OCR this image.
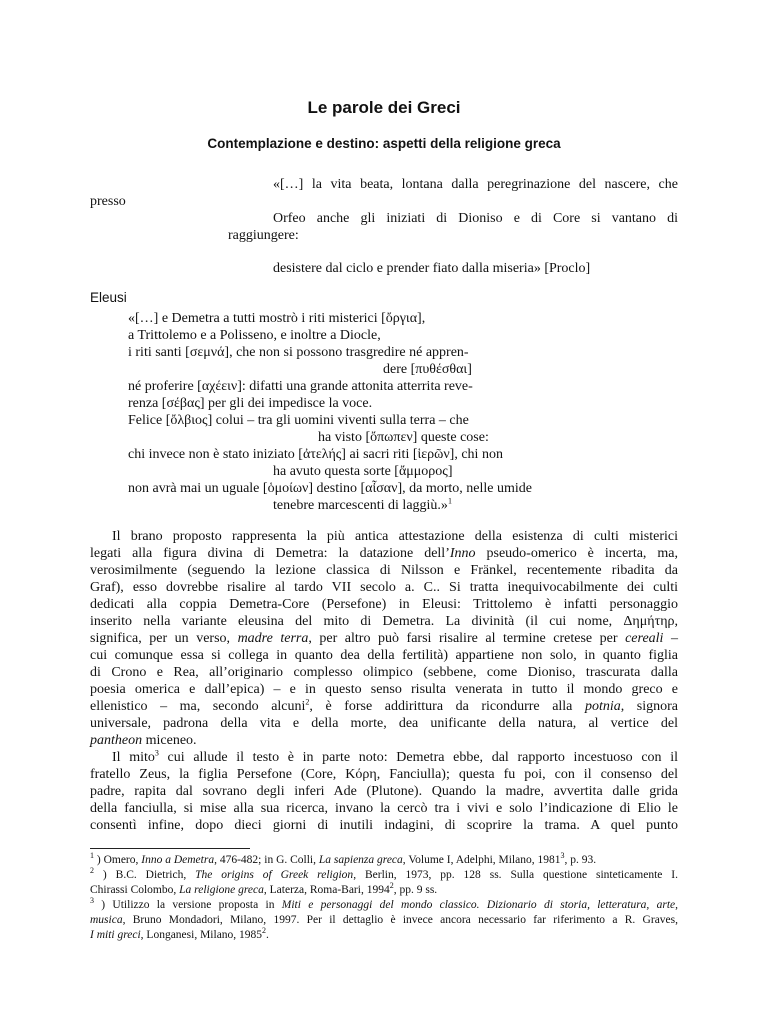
Le parole dei Greci
Contemplazione e destino: aspetti della religione greca
«[…] la vita beata, lontana dalla peregrinazione del nascere, che
presso
Orfeo anche gli iniziati di Dioniso e di Core si vantano di
raggiungere:
desistere dal ciclo e prender fiato dalla miseria» [Proclo]
Eleusi
«[…] e Demetra a tutti mostrò i riti misterici [ὄργια],
a Trittolemo e a Polisseno, e inoltre a Diocle,
i riti santi [σεμνά], che non si possono trasgredire né appren-
dere [πυθέσθαι]
né proferire [αχέειν]: difatti una grande attonita atterrita reve-
renza [σέβας] per gli dei impedisce la voce.
Felice [ὄλβιος] colui – tra gli uomini viventi sulla terra – che
ha visto [ὄπωπεν] queste cose:
chi invece non è stato iniziato [ἀτελής] ai sacri riti [ἱερῶν], chi non
ha avuto questa sorte [ἄμμορος]
non avrà mai un uguale [ὁμοίων] destino [αἶσαν], da morto, nelle umide
tenebre marcescenti di laggiù.»$^1$
Il brano proposto rappresenta la più antica attestazione della esistenza di culti misterici
legati alla figura divina di Demetra: la datazione dell’Inno pseudo-omerico è incerta, ma,
verosimilmente (seguendo la lezione classica di Nilsson e Fränkel, recentemente ribadita da
Graf), esso dovrebbe risalire al tardo VII secolo a. C.. Si tratta inequivocabilmente dei culti
dedicati alla coppia Demetra-Core (Persefone) in Eleusi: Trittolemo è infatti personaggio
inserito nella variante eleusina del mito di Demetra. La divinità (il cui nome, Δημήτηρ,
significa, per un verso, madre terra, per altro può farsi risalire al termine cretese per cereali –
cui comunque essa si collega in quanto dea della fertilità) appartiene non solo, in quanto figlia
di Crono e Rea, all’originario complesso olimpico (sebbene, come Dioniso, trascurata dalla
poesia omerica e dall’epica) – e in questo senso risulta venerata in tutto il mondo greco e
ellenistico – ma, secondo alcuni$^2$, è forse addirittura da ricondurre alla potnia, signora
universale, padrona della vita e della morte, dea unificante della natura, al vertice del
pantheon miceneo.
Il mito$^3$ cui allude il testo è in parte noto: Demetra ebbe, dal rapporto incestuoso con il
fratello Zeus, la figlia Persefone (Core, Κόρη, Fanciulla); questa fu poi, con il consenso del
padre, rapita dal sovrano degli inferi Ade (Plutone). Quando la madre, avvertita dalle grida
della fanciulla, si mise alla sua ricerca, invano la cercò tra i vivi e solo l’indicazione di Elio le
consentì infine, dopo dieci giorni di inutili indagini, di scoprire la trama. A quel punto
$^1$ ) Omero, Inno a Demetra, 476-482; in G. Colli, La sapienza greca, Volume I, Adelphi, Milano, 1981$^3$, p. 93.
$^2$ ) B.C. Dietrich, The origins of Greek religion, Berlin, 1973, pp. 128 ss. Sulla questione sinteticamente I.
Chirassi Colombo, La religione greca, Laterza, Roma-Bari, 1994$^2$, pp. 9 ss.
$^3$ ) Utilizzo la versione proposta in Miti e personaggi del mondo classico. Dizionario di storia, letteratura, arte,
musica, Bruno Mondadori, Milano, 1997. Per il dettaglio è invece ancora necessario far riferimento a R. Graves,
I miti greci, Longanesi, Milano, 1985$^2$.
